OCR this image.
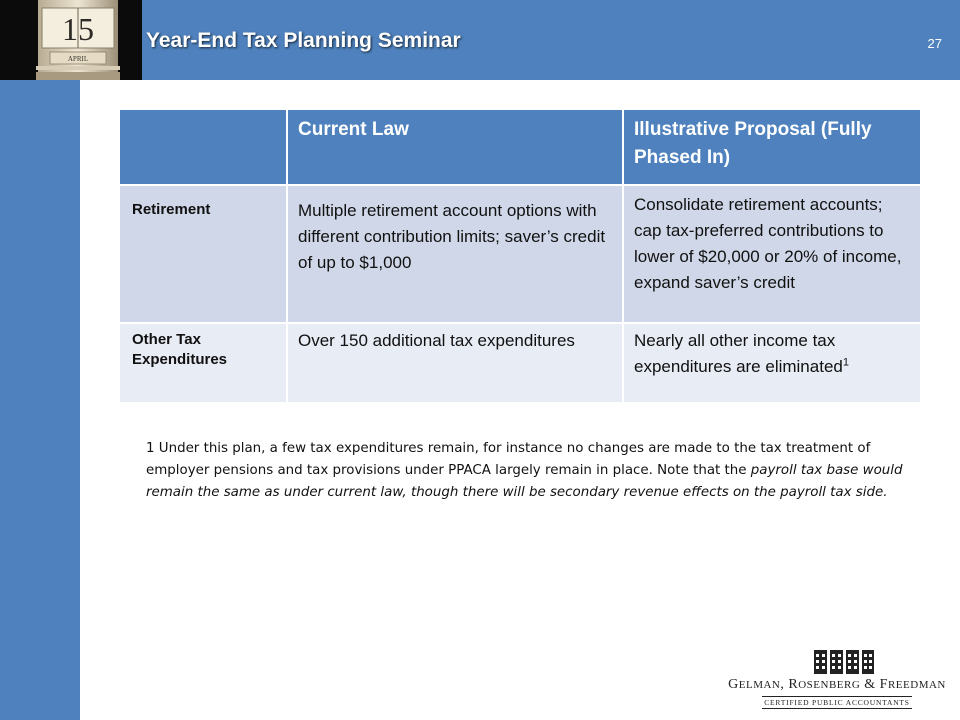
15
APRIL
Year-End Tax Planning Seminar	27
	Current Law	Illustrative Proposal (Fully Phased In)
Retirement	Multiple retirement account options with different contribution limits; saver’s credit of up to $1,000	Consolidate retirement accounts; cap tax-preferred contributions to lower of $20,000 or 20% of income, expand saver’s credit
Other Tax Expenditures	Over 150 additional tax expenditures	Nearly all other income tax expenditures are eliminated$^1$
1 Under this plan, a few tax expenditures remain, for instance no changes are made to the tax treatment of employer pensions and tax provisions under PPACA largely remain in place. Note that the payroll tax base would remain the same as under current law, though there will be secondary revenue effects on the payroll tax side.
GELMAN, ROSENBERG & FREEDMAN
CERTIFIED PUBLIC ACCOUNTANTS
